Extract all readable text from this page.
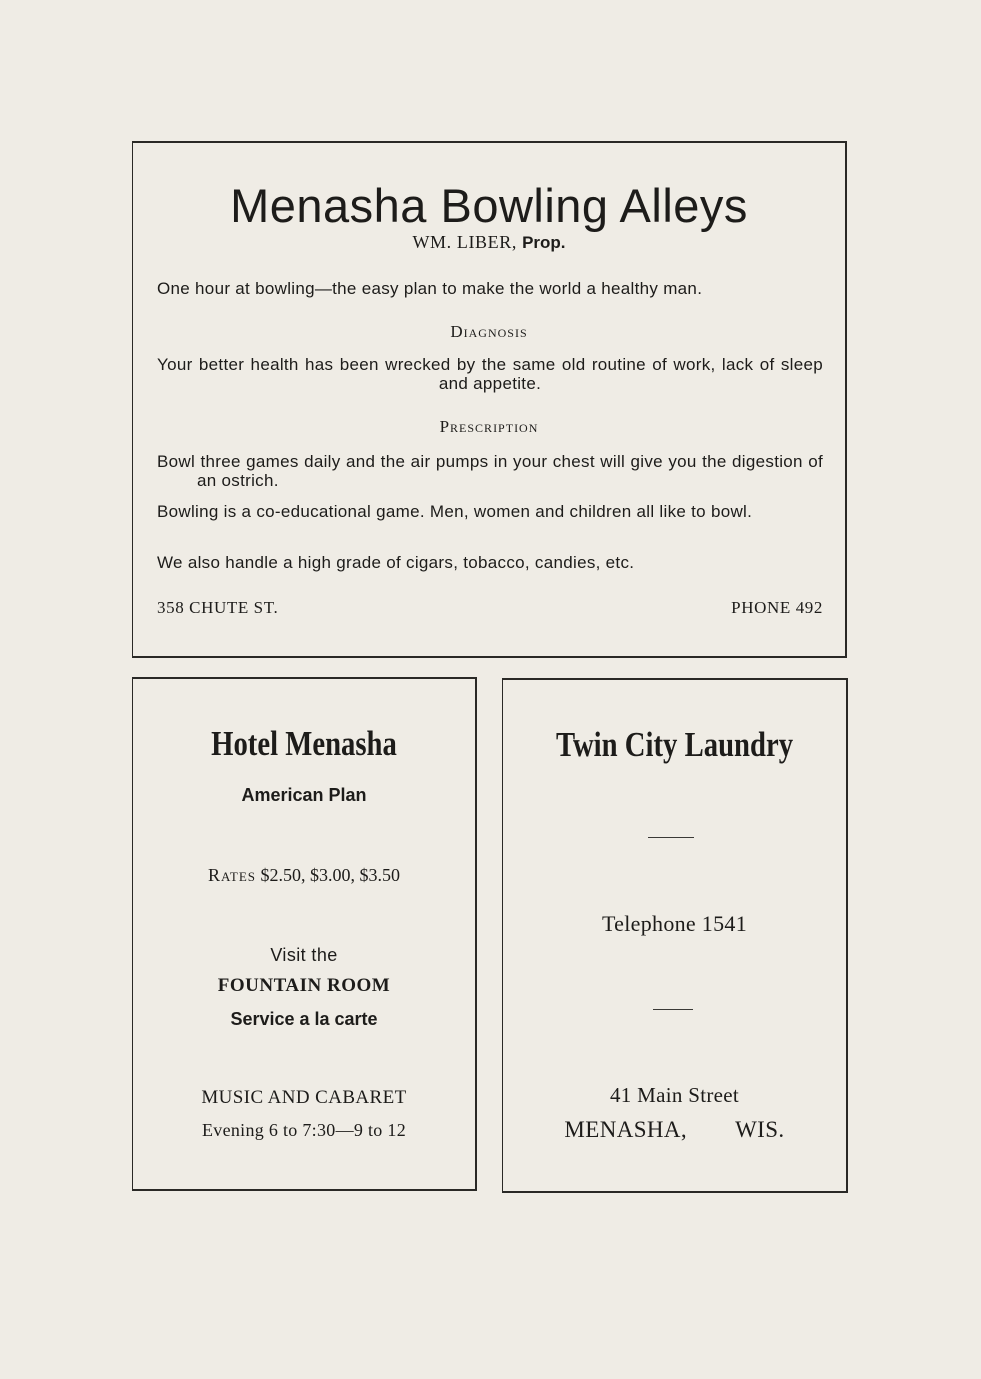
Menasha Bowling Alleys
WM. LIBER, Prop.
One hour at bowling—the easy plan to make the world a healthy man.
Diagnosis
Your better health has been wrecked by the same old routine of work, lack of sleep and appetite.
Prescription
Bowl three games daily and the air pumps in your chest will give you the digestion of an ostrich.
Bowling is a co-educational game. Men, women and children all like to bowl.
We also handle a high grade of cigars, tobacco, candies, etc.
358 CHUTE ST.	PHONE 492
Hotel Menasha
American Plan
Rates $2.50, $3.00, $3.50
Visit the
FOUNTAIN ROOM
Service a la carte
MUSIC AND CABARET
Evening 6 to 7:30—9 to 12
Twin City Laundry
Telephone 1541
41 Main Street
MENASHA, WIS.
